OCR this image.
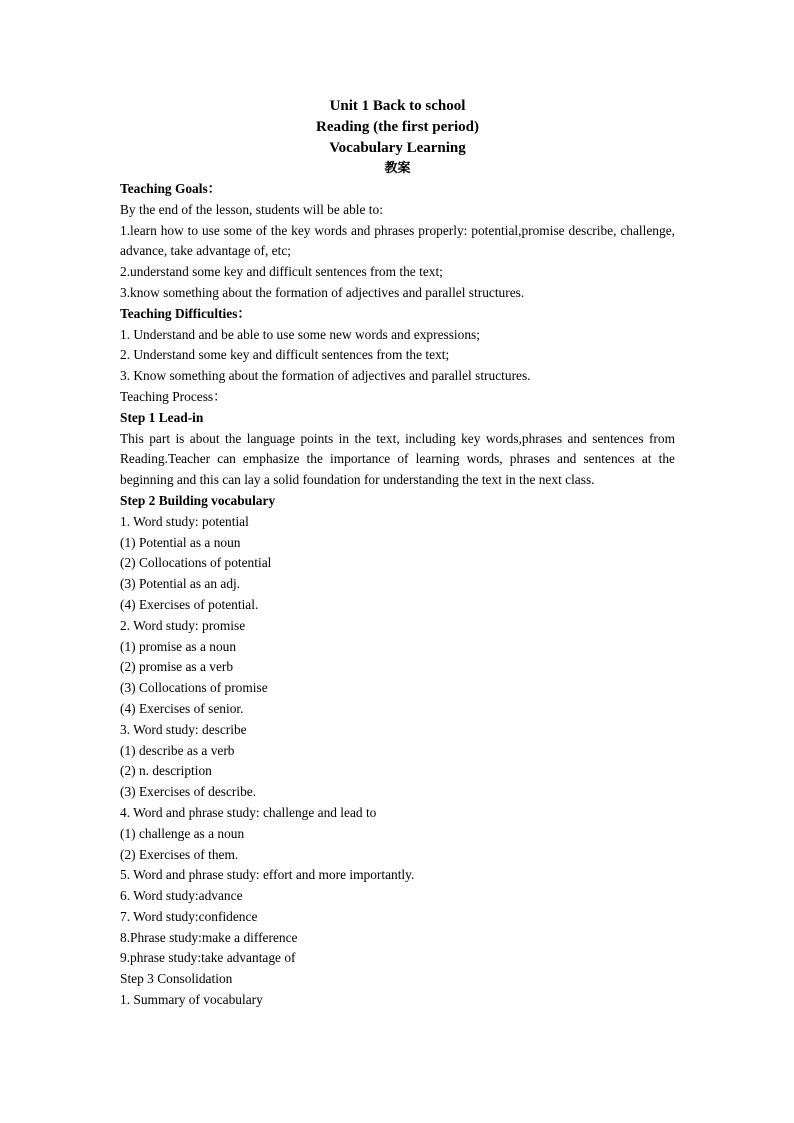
Unit 1 Back to school
Reading (the first period)
Vocabulary Learning
教案
Teaching Goals：
By the end of the lesson, students will be able to:
1.learn how to use some of the key words and phrases properly: potential,promise describe, challenge, advance, take advantage of, etc;
2.understand some key and difficult sentences from the text;
3.know something about the formation of adjectives and parallel structures.
Teaching Difficulties：
1. Understand and be able to use some new words and expressions;
2. Understand some key and difficult sentences from the text;
3. Know something about the formation of adjectives and parallel structures.
Teaching Process：
Step 1 Lead-in
This part is about the language points in the text, including key words,phrases and sentences from Reading.Teacher can emphasize the importance of learning words, phrases and sentences at the beginning and this can lay a solid foundation for understanding the text in the next class.
Step 2 Building vocabulary
1. Word study: potential
(1) Potential as a noun
(2) Collocations of potential
(3) Potential as an adj.
(4) Exercises of potential.
2. Word study: promise
(1) promise as a noun
(2) promise as a verb
(3) Collocations of promise
(4) Exercises of senior.
3. Word study: describe
(1) describe as a verb
(2) n. description
(3) Exercises of describe.
4. Word and phrase study: challenge and lead to
(1) challenge as a noun
(2) Exercises of them.
5. Word and phrase study: effort and more importantly.
6. Word study:advance
7. Word study:confidence
8.Phrase study:make a difference
9.phrase study:take advantage of
Step 3 Consolidation
1. Summary of vocabulary
